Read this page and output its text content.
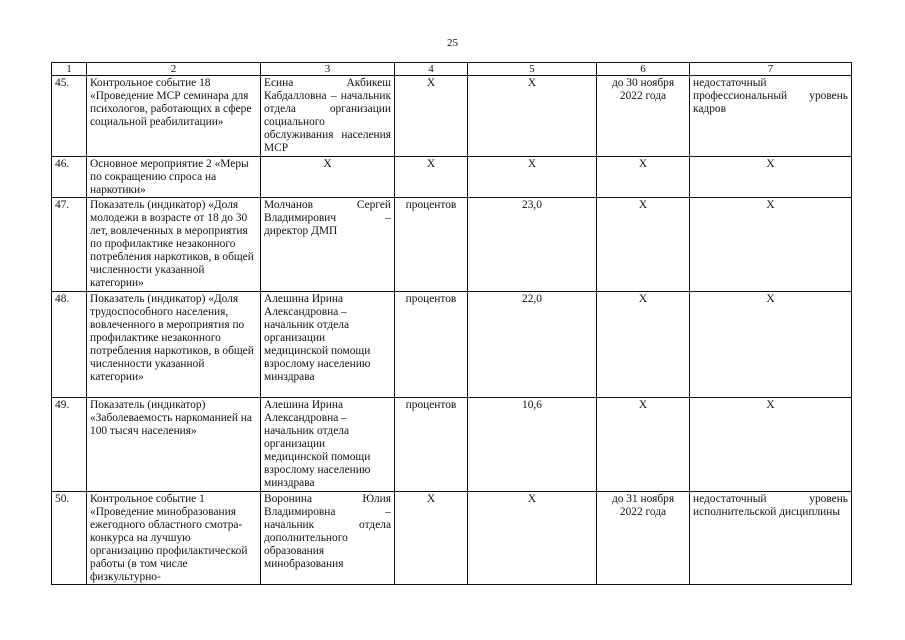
25
1	2	3	4	5	6	7
45.	Контрольное событие 18 «Проведение МСР семинара для психологов, работающих в сфере социальной реабилитации»	Есина Акбикеш Кабдалловна – начальник отдела организации социального обслуживания населения МСР	X	X	до 30 ноября 2022 года	недостаточный профессиональный уровень кадров
46.	Основное мероприятие 2 «Меры по сокращению спроса на наркотики»	X	X	X	X	X
47.	Показатель (индикатор) «Доля молодежи в возрасте от 18 до 30 лет, вовлеченных в мероприятия по профилактике незаконного потребления наркотиков, в общей численности указанной категории»	Молчанов Сергей Владимирович – директор ДМП	процентов	23,0	X	X
48.	Показатель (индикатор) «Доля трудоспособного населения, вовлеченного в мероприятия по профилактике незаконного потребления наркотиков, в общей численности указанной категории»	Алешина Ирина Александровна – начальник отдела организации медицинской помощи взрослому населению минздрава	процентов	22,0	X	X
49.	Показатель (индикатор) «Заболеваемость наркоманией на 100 тысяч населения»	Алешина Ирина Александровна – начальник отдела организации медицинской помощи взрослому населению минздрава	процентов	10,6	X	X
50.	Контрольное событие 1 «Проведение минобразования ежегодного областного смотра-конкурса на лучшую организацию профилактической работы (в том числе физкультурно-	Воронина Юлия Владимировна – начальник отдела дополнительного образования минобразования	X	X	до 31 ноября 2022 года	недостаточный уровень исполнительской дисциплины
